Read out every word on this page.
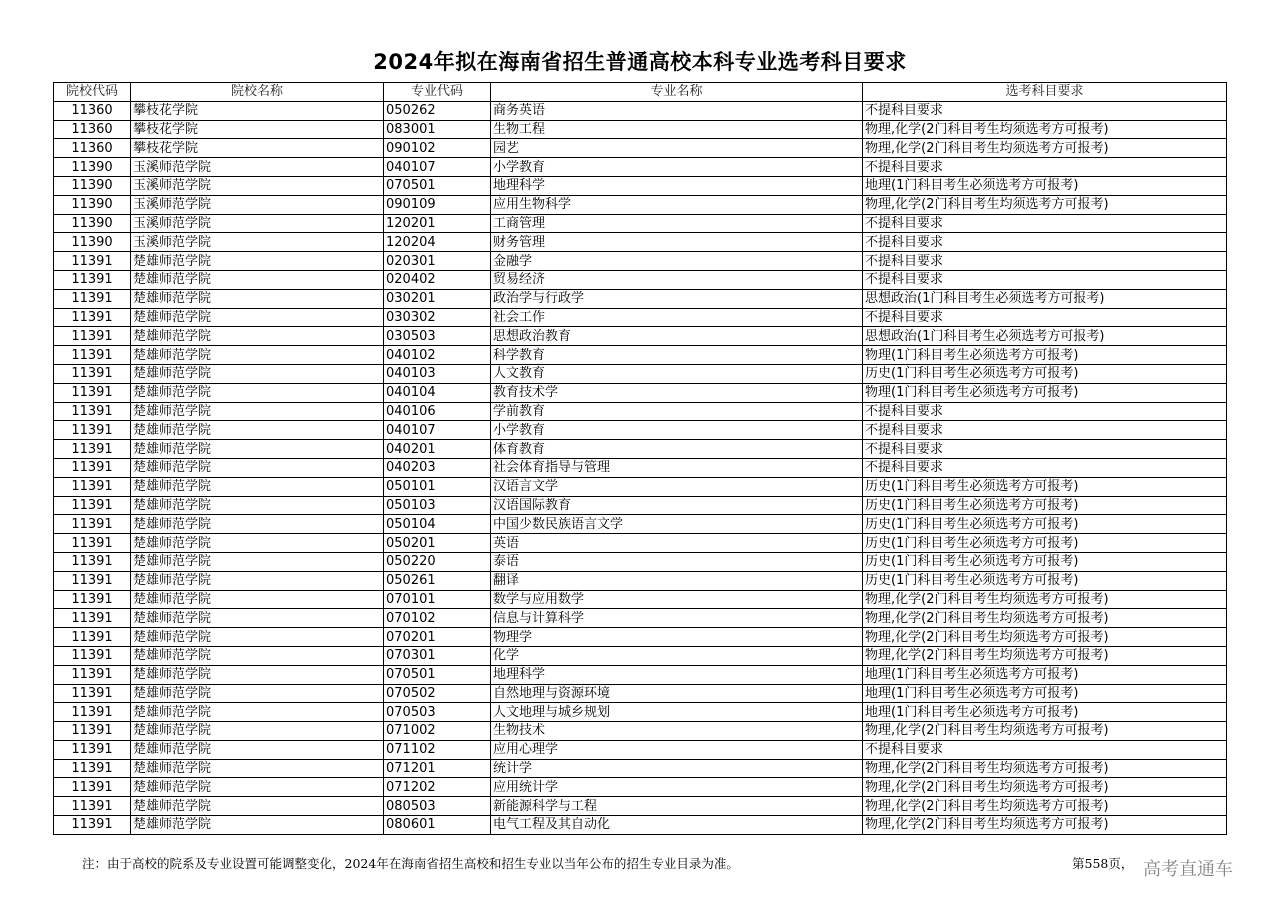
2024年拟在海南省招生普通高校本科专业选考科目要求
院校代码	院校名称	专业代码	专业名称	选考科目要求
11360	攀枝花学院	050262	商务英语	不提科目要求
11360	攀枝花学院	083001	生物工程	物理,化学(2门科目考生均须选考方可报考)
11360	攀枝花学院	090102	园艺	物理,化学(2门科目考生均须选考方可报考)
11390	玉溪师范学院	040107	小学教育	不提科目要求
11390	玉溪师范学院	070501	地理科学	地理(1门科目考生必须选考方可报考)
11390	玉溪师范学院	090109	应用生物科学	物理,化学(2门科目考生均须选考方可报考)
11390	玉溪师范学院	120201	工商管理	不提科目要求
11390	玉溪师范学院	120204	财务管理	不提科目要求
11391	楚雄师范学院	020301	金融学	不提科目要求
11391	楚雄师范学院	020402	贸易经济	不提科目要求
11391	楚雄师范学院	030201	政治学与行政学	思想政治(1门科目考生必须选考方可报考)
11391	楚雄师范学院	030302	社会工作	不提科目要求
11391	楚雄师范学院	030503	思想政治教育	思想政治(1门科目考生必须选考方可报考)
11391	楚雄师范学院	040102	科学教育	物理(1门科目考生必须选考方可报考)
11391	楚雄师范学院	040103	人文教育	历史(1门科目考生必须选考方可报考)
11391	楚雄师范学院	040104	教育技术学	物理(1门科目考生必须选考方可报考)
11391	楚雄师范学院	040106	学前教育	不提科目要求
11391	楚雄师范学院	040107	小学教育	不提科目要求
11391	楚雄师范学院	040201	体育教育	不提科目要求
11391	楚雄师范学院	040203	社会体育指导与管理	不提科目要求
11391	楚雄师范学院	050101	汉语言文学	历史(1门科目考生必须选考方可报考)
11391	楚雄师范学院	050103	汉语国际教育	历史(1门科目考生必须选考方可报考)
11391	楚雄师范学院	050104	中国少数民族语言文学	历史(1门科目考生必须选考方可报考)
11391	楚雄师范学院	050201	英语	历史(1门科目考生必须选考方可报考)
11391	楚雄师范学院	050220	泰语	历史(1门科目考生必须选考方可报考)
11391	楚雄师范学院	050261	翻译	历史(1门科目考生必须选考方可报考)
11391	楚雄师范学院	070101	数学与应用数学	物理,化学(2门科目考生均须选考方可报考)
11391	楚雄师范学院	070102	信息与计算科学	物理,化学(2门科目考生均须选考方可报考)
11391	楚雄师范学院	070201	物理学	物理,化学(2门科目考生均须选考方可报考)
11391	楚雄师范学院	070301	化学	物理,化学(2门科目考生均须选考方可报考)
11391	楚雄师范学院	070501	地理科学	地理(1门科目考生必须选考方可报考)
11391	楚雄师范学院	070502	自然地理与资源环境	地理(1门科目考生必须选考方可报考)
11391	楚雄师范学院	070503	人文地理与城乡规划	地理(1门科目考生必须选考方可报考)
11391	楚雄师范学院	071002	生物技术	物理,化学(2门科目考生均须选考方可报考)
11391	楚雄师范学院	071102	应用心理学	不提科目要求
11391	楚雄师范学院	071201	统计学	物理,化学(2门科目考生均须选考方可报考)
11391	楚雄师范学院	071202	应用统计学	物理,化学(2门科目考生均须选考方可报考)
11391	楚雄师范学院	080503	新能源科学与工程	物理,化学(2门科目考生均须选考方可报考)
11391	楚雄师范学院	080601	电气工程及其自动化	物理,化学(2门科目考生均须选考方可报考)
注：由于高校的院系及专业设置可能调整变化，2024年在海南省招生高校和招生专业以当年公布的招生专业目录为准。	第558页， 高考直通车
